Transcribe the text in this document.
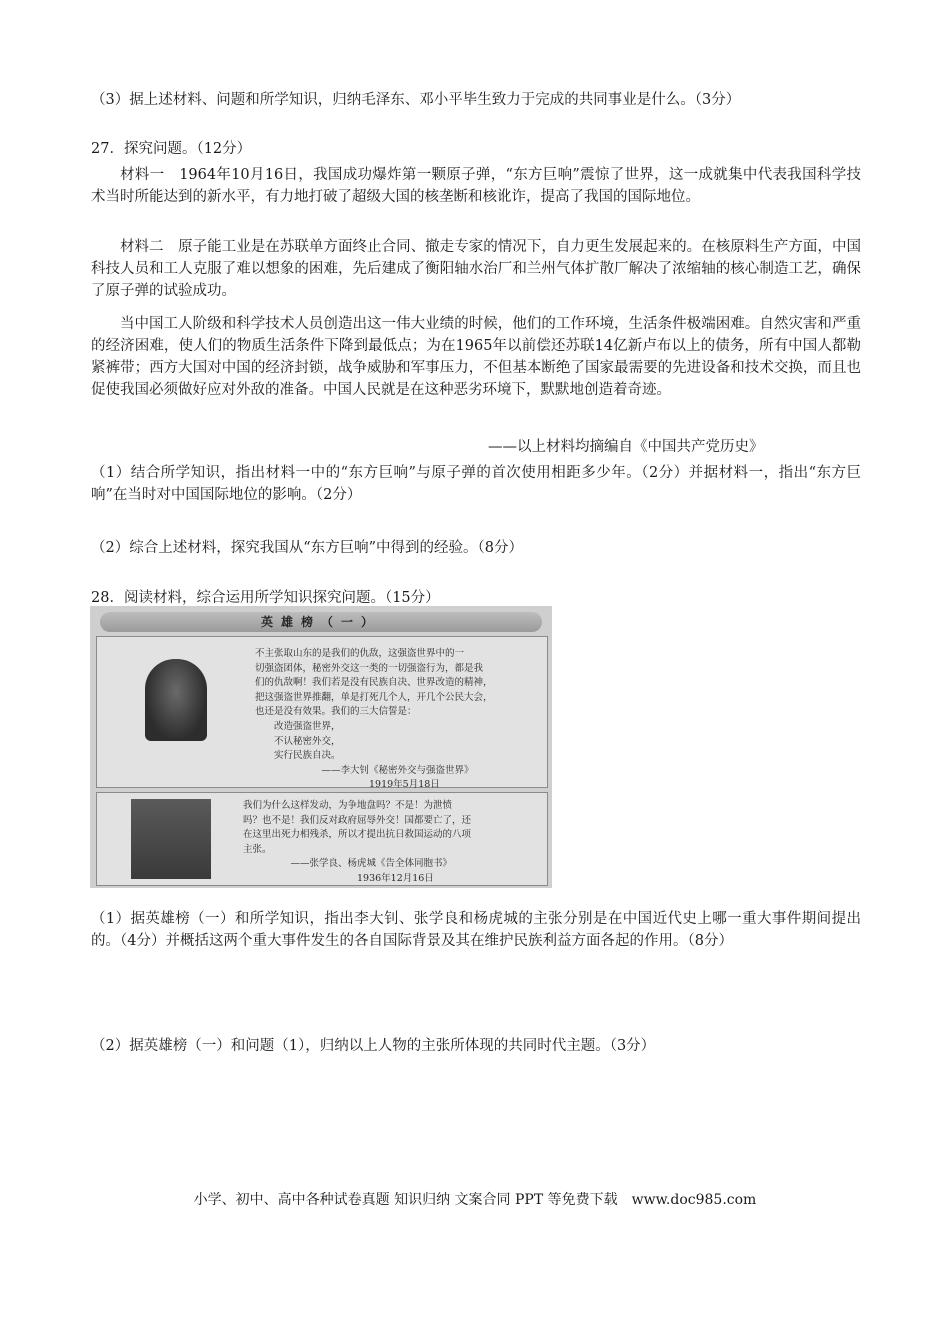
（3）据上述材料、问题和所学知识，归纳毛泽东、邓小平毕生致力于完成的共同事业是什么。（3分）
27．探究问题。（12分）
材料一　1964年10月16日，我国成功爆炸第一颗原子弹，“东方巨响”震惊了世界，这一成就集中代表我国科学技术当时所能达到的新水平，有力地打破了超级大国的核垄断和核讹诈，提高了我国的国际地位。
材料二　原子能工业是在苏联单方面终止合同、撤走专家的情况下，自力更生发展起来的。在核原料生产方面，中国科技人员和工人克服了难以想象的困难，先后建成了衡阳轴水治厂和兰州气体扩散厂解决了浓缩轴的核心制造工艺，确保了原子弹的试验成功。
当中国工人阶级和科学技术人员创造出这一伟大业绩的时候，他们的工作环境，生活条件极端困难。自然灾害和严重的经济困难，使人们的物质生活条件下降到最低点；为在1965年以前偿还苏联14亿新卢布以上的债务，所有中国人都勒紧裤带；西方大国对中国的经济封锁，战争威胁和军事压力，不但基本断绝了国家最需要的先进设备和技术交换，而且也促使我国必须做好应对外敌的准备。中国人民就是在这种恶劣环境下，默默地创造着奇迹。
——以上材料均摘编自《中国共产党历史》
（1）结合所学知识，指出材料一中的“东方巨响”与原子弹的首次使用相距多少年。（2分）并据材料一，指出“东方巨响”在当时对中国国际地位的影响。（2分）
（2）综合上述材料，探究我国从“东方巨响”中得到的经验。（8分）
28．阅读材料，综合运用所学知识探究问题。（15分）
（1）据英雄榜（一）和所学知识，指出李大钊、张学良和杨虎城的主张分别是在中国近代史上哪一重大事件期间提出的。（4分）并概括这两个重大事件发生的各自国际背景及其在维护民族利益方面各起的作用。（8分）
（2）据英雄榜（一）和问题（1），归纳以上人物的主张所体现的共同时代主题。（3分）
英雄榜（一）
不主张取山东的是我们的仇敌，这强盗世界中的一
切强盗团体，秘密外交这一类的一切强盗行为，都是我
们的仇敌啊！我们若是没有民族自决、世界改造的精神，
把这强盗世界推翻，单是打死几个人，开几个公民大会，
也还是没有效果。我们的三大信誓是：
　　改造强盗世界，
　　不认秘密外交，
　　实行民族自决。
　　　　　　　——李大钊《秘密外交与强盗世界》
　　　　　　　　　　　　1919年5月18日
我们为什么这样发动，为争地盘吗？不是！为泄愤
吗？也不是！我们反对政府屈辱外交！国都要亡了，还
在这里出死力相残杀，所以才提出抗日救国运动的八项
主张。
　　　　　——张学良、杨虎城《告全体同胞书》
　　　　　　　　　　　　1936年12月16日
小学、初中、高中各种试卷真题 知识归纳 文案合同 PPT 等免费下载　www.doc985.com
